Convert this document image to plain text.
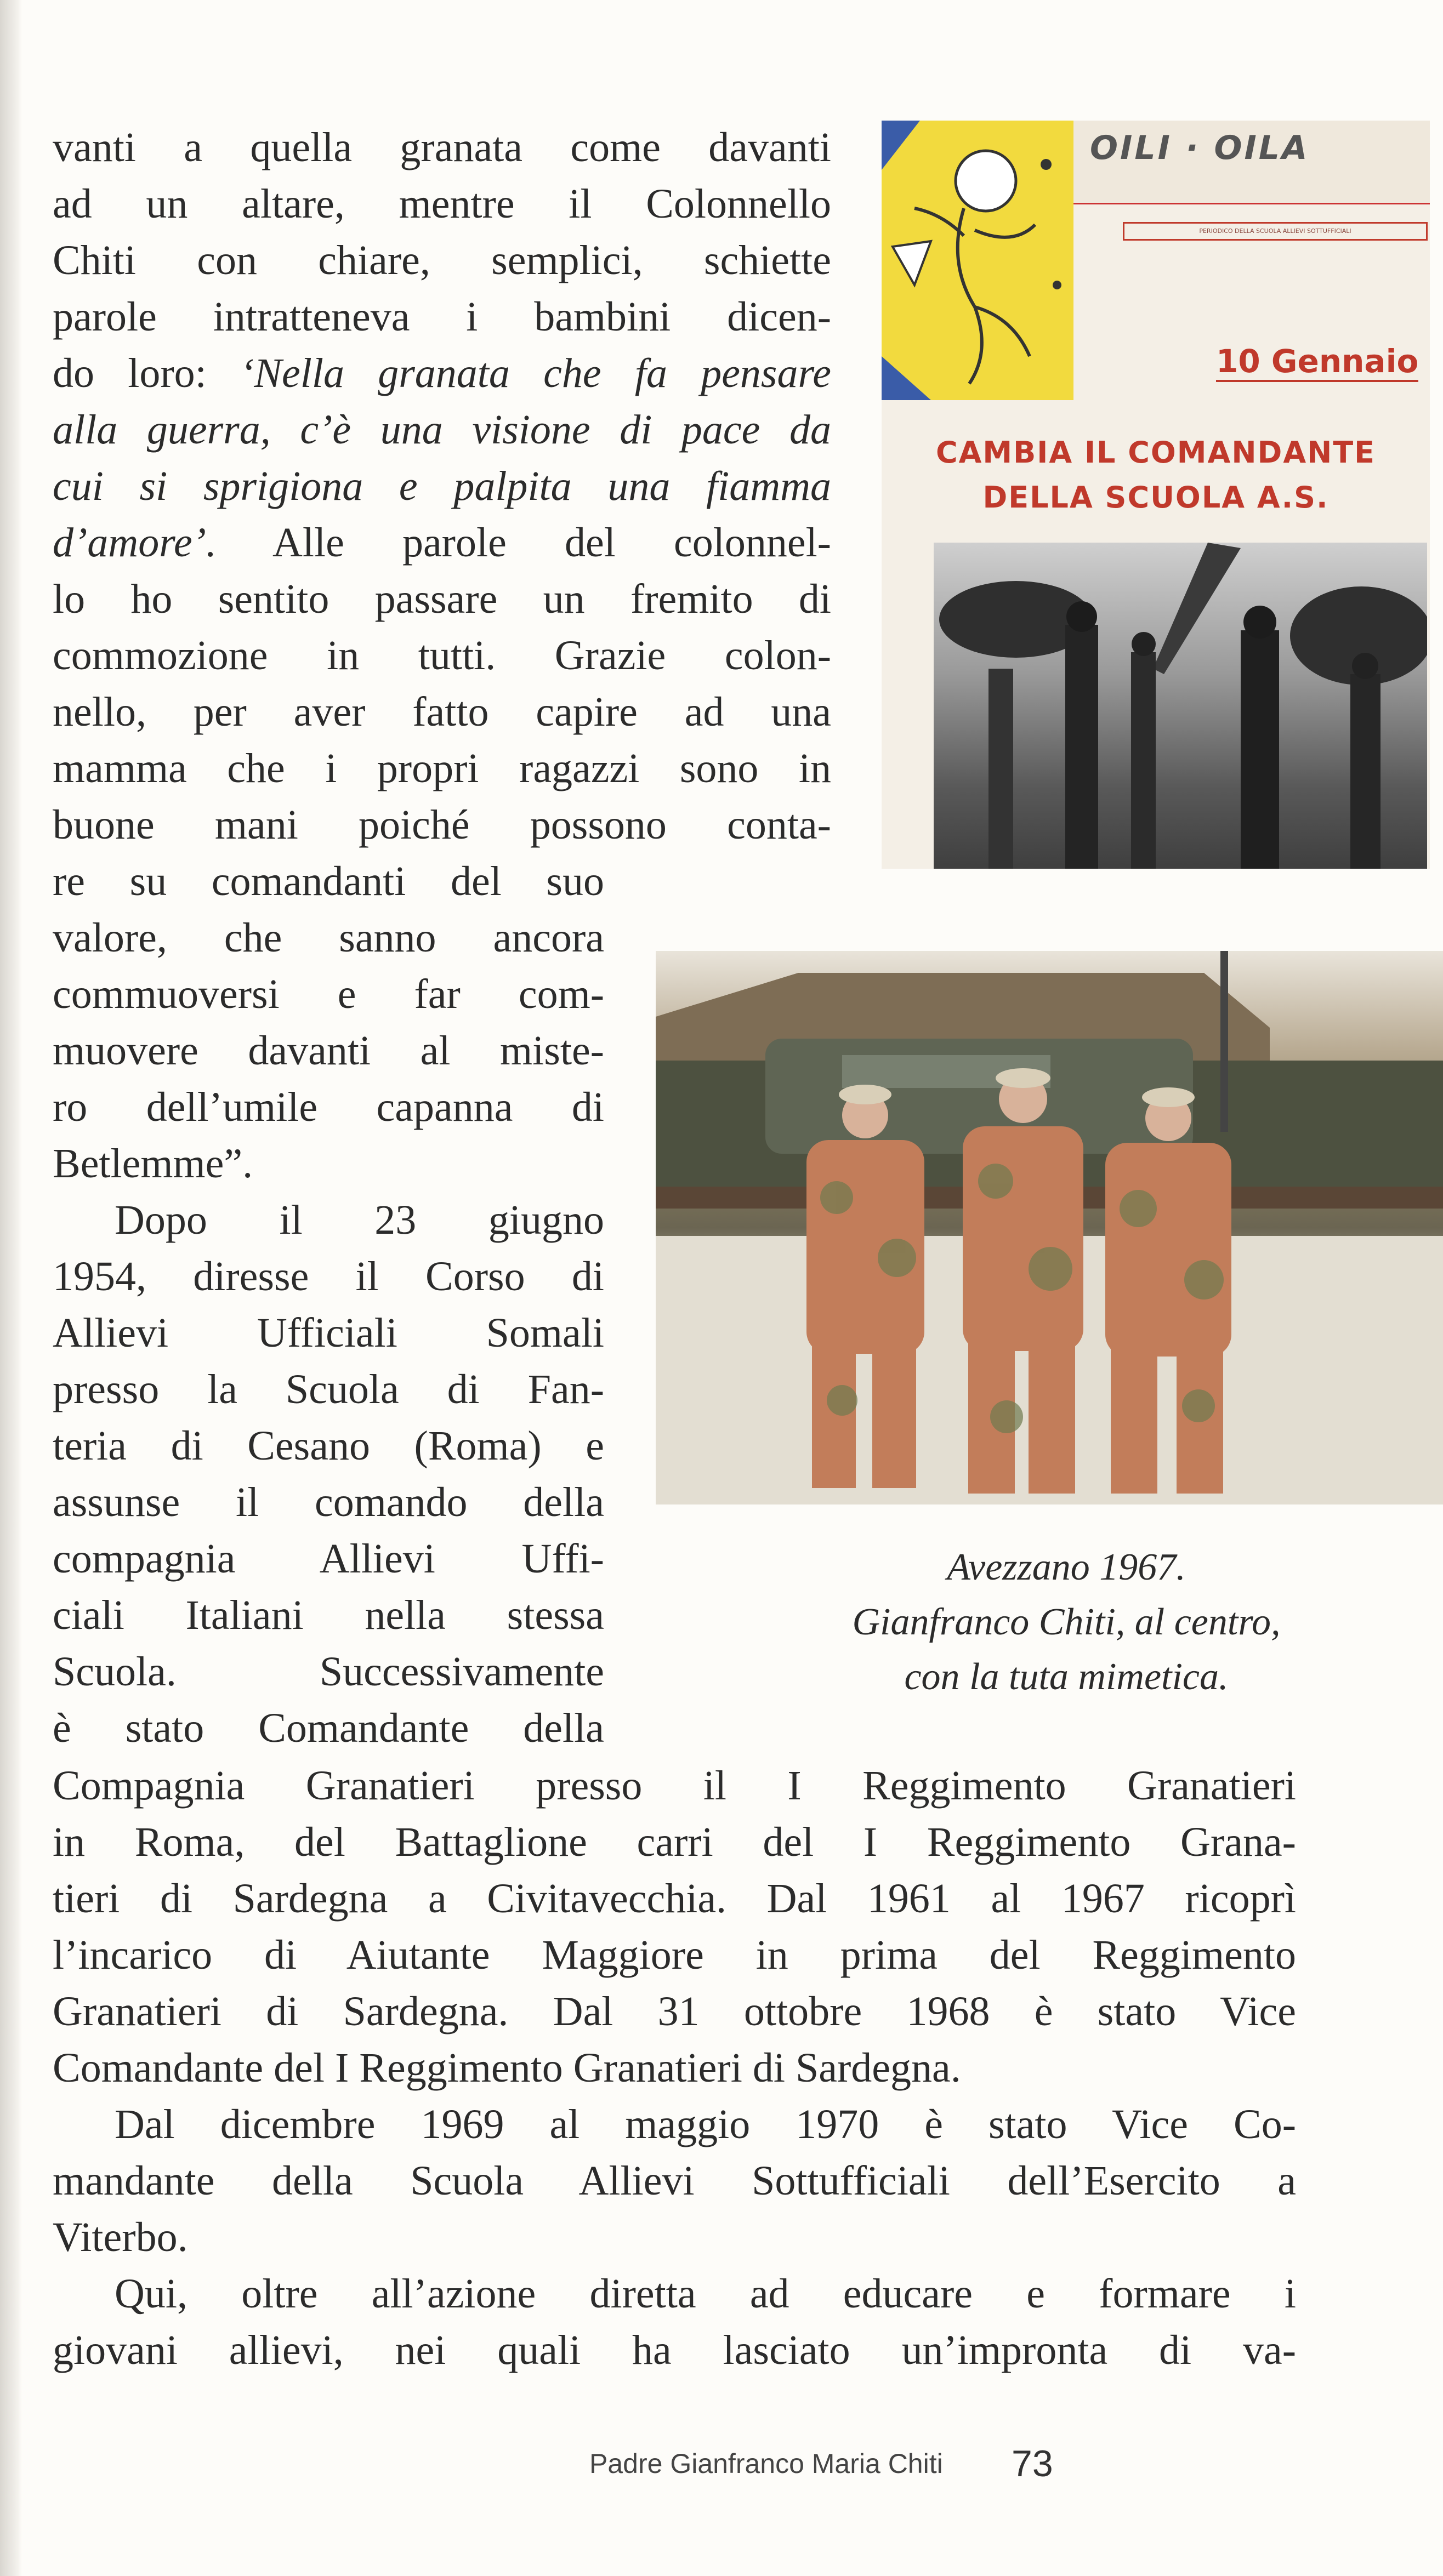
vanti a quella granata come davanti
ad un altare, mentre il Colonnello
Chiti con chiare, semplici, schiette
parole intratteneva i bambini dicen-
do loro: ‘Nella granata che fa pensare
alla guerra, c’è una visione di pace da
cui si sprigiona e palpita una fiamma
d’amore’. Alle parole del colonnel-
lo ho sentito passare un fremito di
commozione in tutti. Grazie colon-
nello, per aver fatto capire ad una
mamma che i propri ragazzi sono in
buone mani poiché possono conta-
re su comandanti del suo
valore, che sanno ancora
commuoversi e far com-
muovere davanti al miste-
ro dell’umile capanna di
Betlemme”.
Dopo il 23 giugno
1954, diresse il Corso di
Allievi Ufficiali Somali
presso la Scuola di Fan-
teria di Cesano (Roma) e
assunse il comando della
compagnia Allievi Uffi-
ciali Italiani nella stessa
Scuola. Successivamente
è stato Comandante della
Compagnia Granatieri presso il I Reggimento Granatieri
in Roma, del Battaglione carri del I Reggimento Grana-
tieri di Sardegna a Civitavecchia. Dal 1961 al 1967 ricoprì
l’incarico di Aiutante Maggiore in prima del Reggimento
Granatieri di Sardegna. Dal 31 ottobre 1968 è stato Vice
Comandante del I Reggimento Granatieri di Sardegna.
Dal dicembre 1969 al maggio 1970 è stato Vice Co-
mandante della Scuola Allievi Sottufficiali dell’Esercito a
Viterbo.
Qui, oltre all’azione diretta ad educare e formare i
giovani allievi, nei quali ha lasciato un’impronta di va-
OILI · OILA
PERIODICO DELLA SCUOLA ALLIEVI SOTTUFFICIALI
10 Gennaio
CAMBIA IL COMANDANTE
DELLA SCUOLA A.S.
Avezzano 1967.
Gianfranco Chiti, al centro,
con la tuta mimetica.
Padre Gianfranco Maria Chiti 73
